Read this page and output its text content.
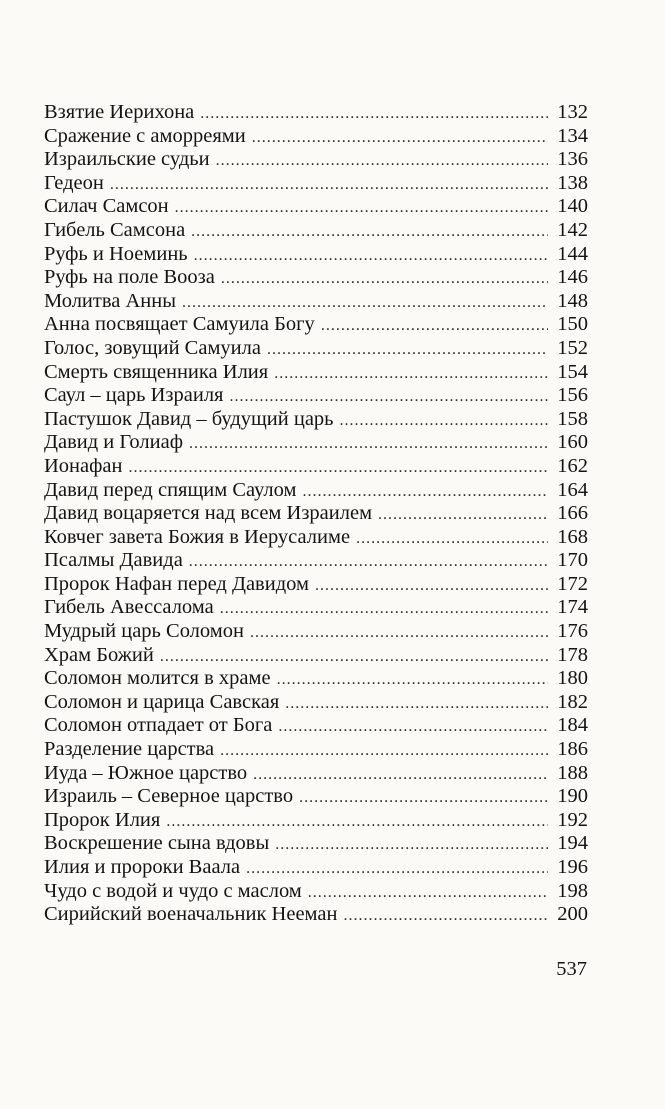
Взятие Иерихона .....	132
Сражение с аморреями .....	134
Израильские судьи .....	136
Гедеон .....	138
Силач Самсон .....	140
Гибель Самсона .....	142
Руфь и Ноеминь .....	144
Руфь на поле Вооза .....	146
Молитва Анны .....	148
Анна посвящает Самуила Богу .....	150
Голос, зовущий Самуила .....	152
Смерть священника Илия .....	154
Саул – царь Израиля .....	156
Пастушок Давид – будущий царь .....	158
Давид и Голиаф .....	160
Ионафан .....	162
Давид перед спящим Саулом .....	164
Давид воцаряется над всем Израилем .....	166
Ковчег завета Божия в Иерусалиме .....	168
Псалмы Давида .....	170
Пророк Нафан перед Давидом .....	172
Гибель Авессалома .....	174
Мудрый царь Соломон .....	176
Храм Божий .....	178
Соломон молится в храме .....	180
Соломон и царица Савская .....	182
Соломон отпадает от Бога .....	184
Разделение царства .....	186
Иуда – Южное царство .....	188
Израиль – Северное царство .....	190
Пророк Илия .....	192
Воскрешение сына вдовы .....	194
Илия и пророки Ваала .....	196
Чудо с водой и чудо с маслом .....	198
Сирийский военачальник Нееман .....	200
537
